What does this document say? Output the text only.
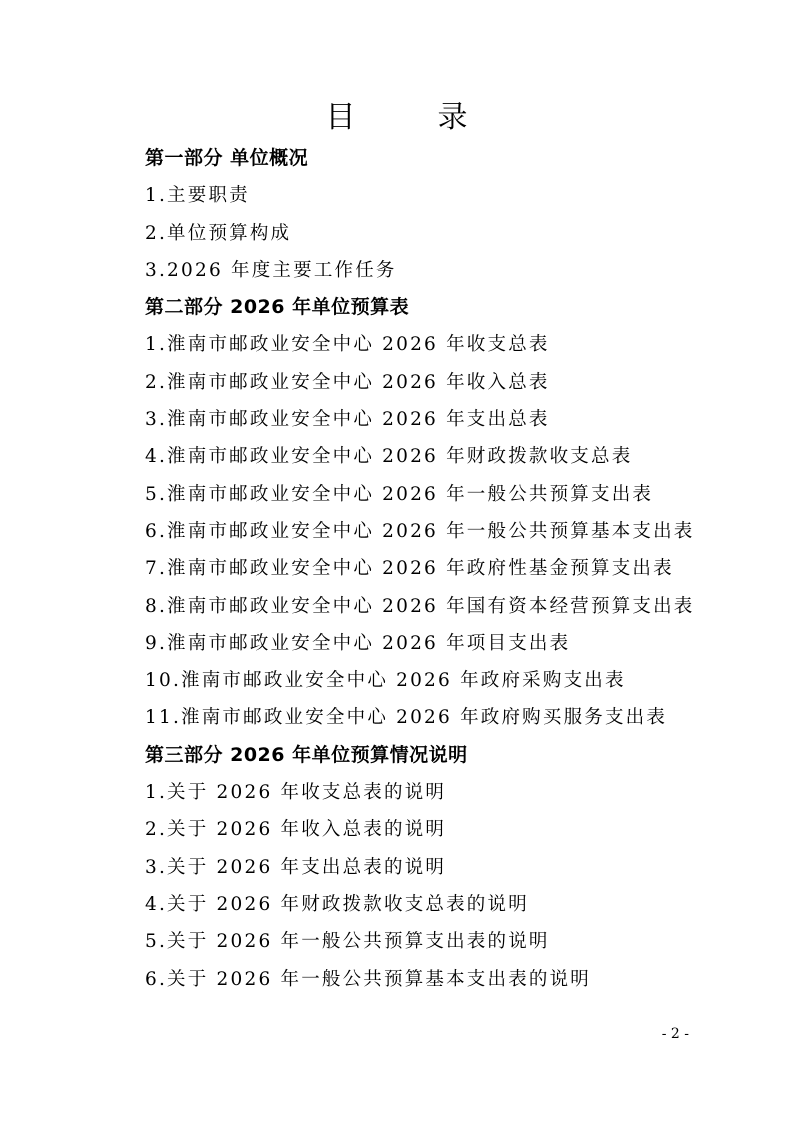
目　录
第一部分 单位概况
1.主要职责
2.单位预算构成
3.2026 年度主要工作任务
第二部分 2026 年单位预算表
1.淮南市邮政业安全中心 2026 年收支总表
2.淮南市邮政业安全中心 2026 年收入总表
3.淮南市邮政业安全中心 2026 年支出总表
4.淮南市邮政业安全中心 2026 年财政拨款收支总表
5.淮南市邮政业安全中心 2026 年一般公共预算支出表
6.淮南市邮政业安全中心 2026 年一般公共预算基本支出表
7.淮南市邮政业安全中心 2026 年政府性基金预算支出表
8.淮南市邮政业安全中心 2026 年国有资本经营预算支出表
9.淮南市邮政业安全中心 2026 年项目支出表
10.淮南市邮政业安全中心 2026 年政府采购支出表
11.淮南市邮政业安全中心 2026 年政府购买服务支出表
第三部分 2026 年单位预算情况说明
1.关于 2026 年收支总表的说明
2.关于 2026 年收入总表的说明
3.关于 2026 年支出总表的说明
4.关于 2026 年财政拨款收支总表的说明
5.关于 2026 年一般公共预算支出表的说明
6.关于 2026 年一般公共预算基本支出表的说明
- 2 -
